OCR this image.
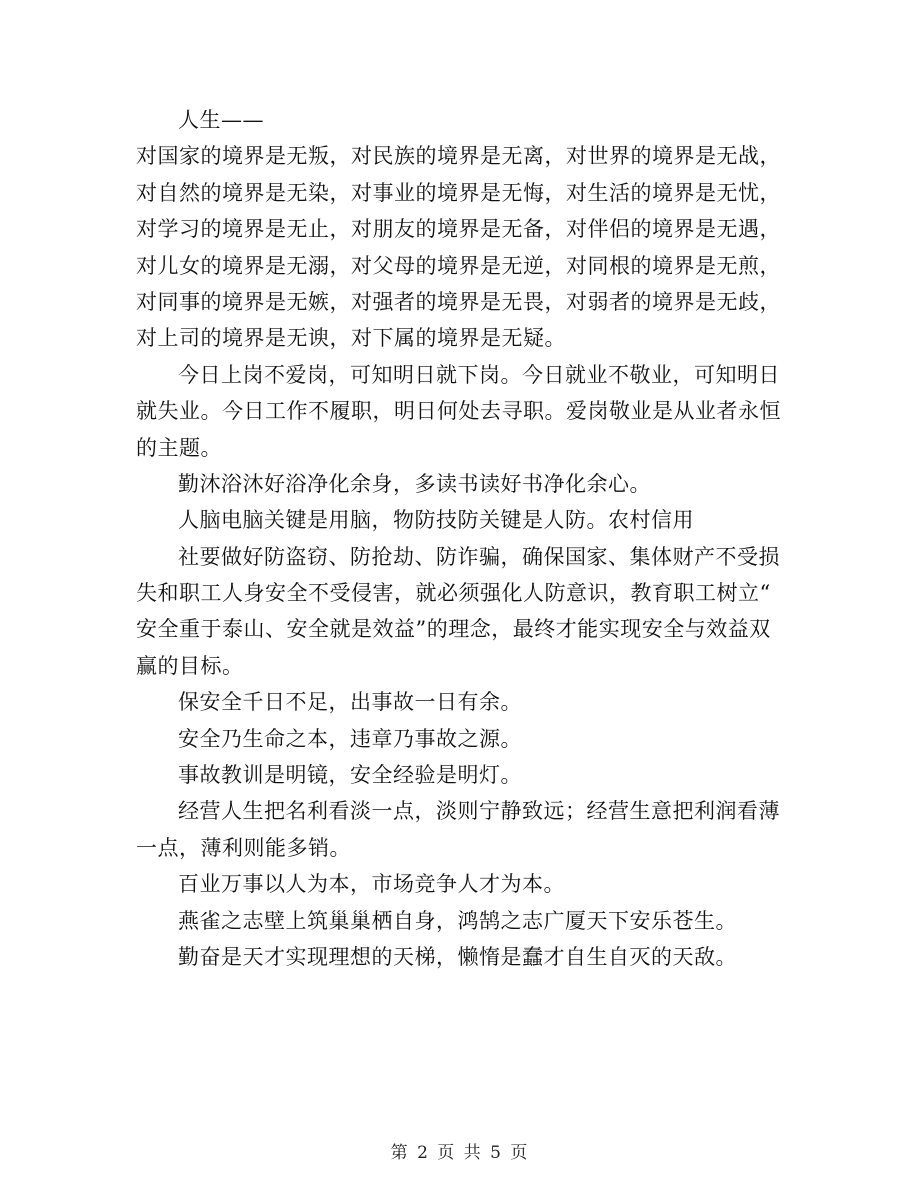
人生——
对国家的境界是无叛，对民族的境界是无离，对世界的境界是无战，
对自然的境界是无染，对事业的境界是无悔，对生活的境界是无忧，
对学习的境界是无止，对朋友的境界是无备，对伴侣的境界是无遇，
对儿女的境界是无溺，对父母的境界是无逆，对同根的境界是无煎，
对同事的境界是无嫉，对强者的境界是无畏，对弱者的境界是无歧，
对上司的境界是无谀，对下属的境界是无疑。
今日上岗不爱岗，可知明日就下岗。今日就业不敬业，可知明日
就失业。今日工作不履职，明日何处去寻职。爱岗敬业是从业者永恒
的主题。
勤沐浴沐好浴净化余身，多读书读好书净化余心。
人脑电脑关键是用脑，物防技防关键是人防。农村信用
社要做好防盗窃、防抢劫、防诈骗，确保国家、集体财产不受损
失和职工人身安全不受侵害，就必须强化人防意识，教育职工树立“
安全重于泰山、安全就是效益”的理念，最终才能实现安全与效益双
赢的目标。
保安全千日不足，出事故一日有余。
安全乃生命之本，违章乃事故之源。
事故教训是明镜，安全经验是明灯。
经营人生把名利看淡一点，淡则宁静致远；经营生意把利润看薄
一点，薄利则能多销。
百业万事以人为本，市场竞争人才为本。
燕雀之志壁上筑巢巢栖自身，鸿鹄之志广厦天下安乐苍生。
勤奋是天才实现理想的天梯，懒惰是蠢才自生自灭的天敌。
第 2 页 共 5 页
